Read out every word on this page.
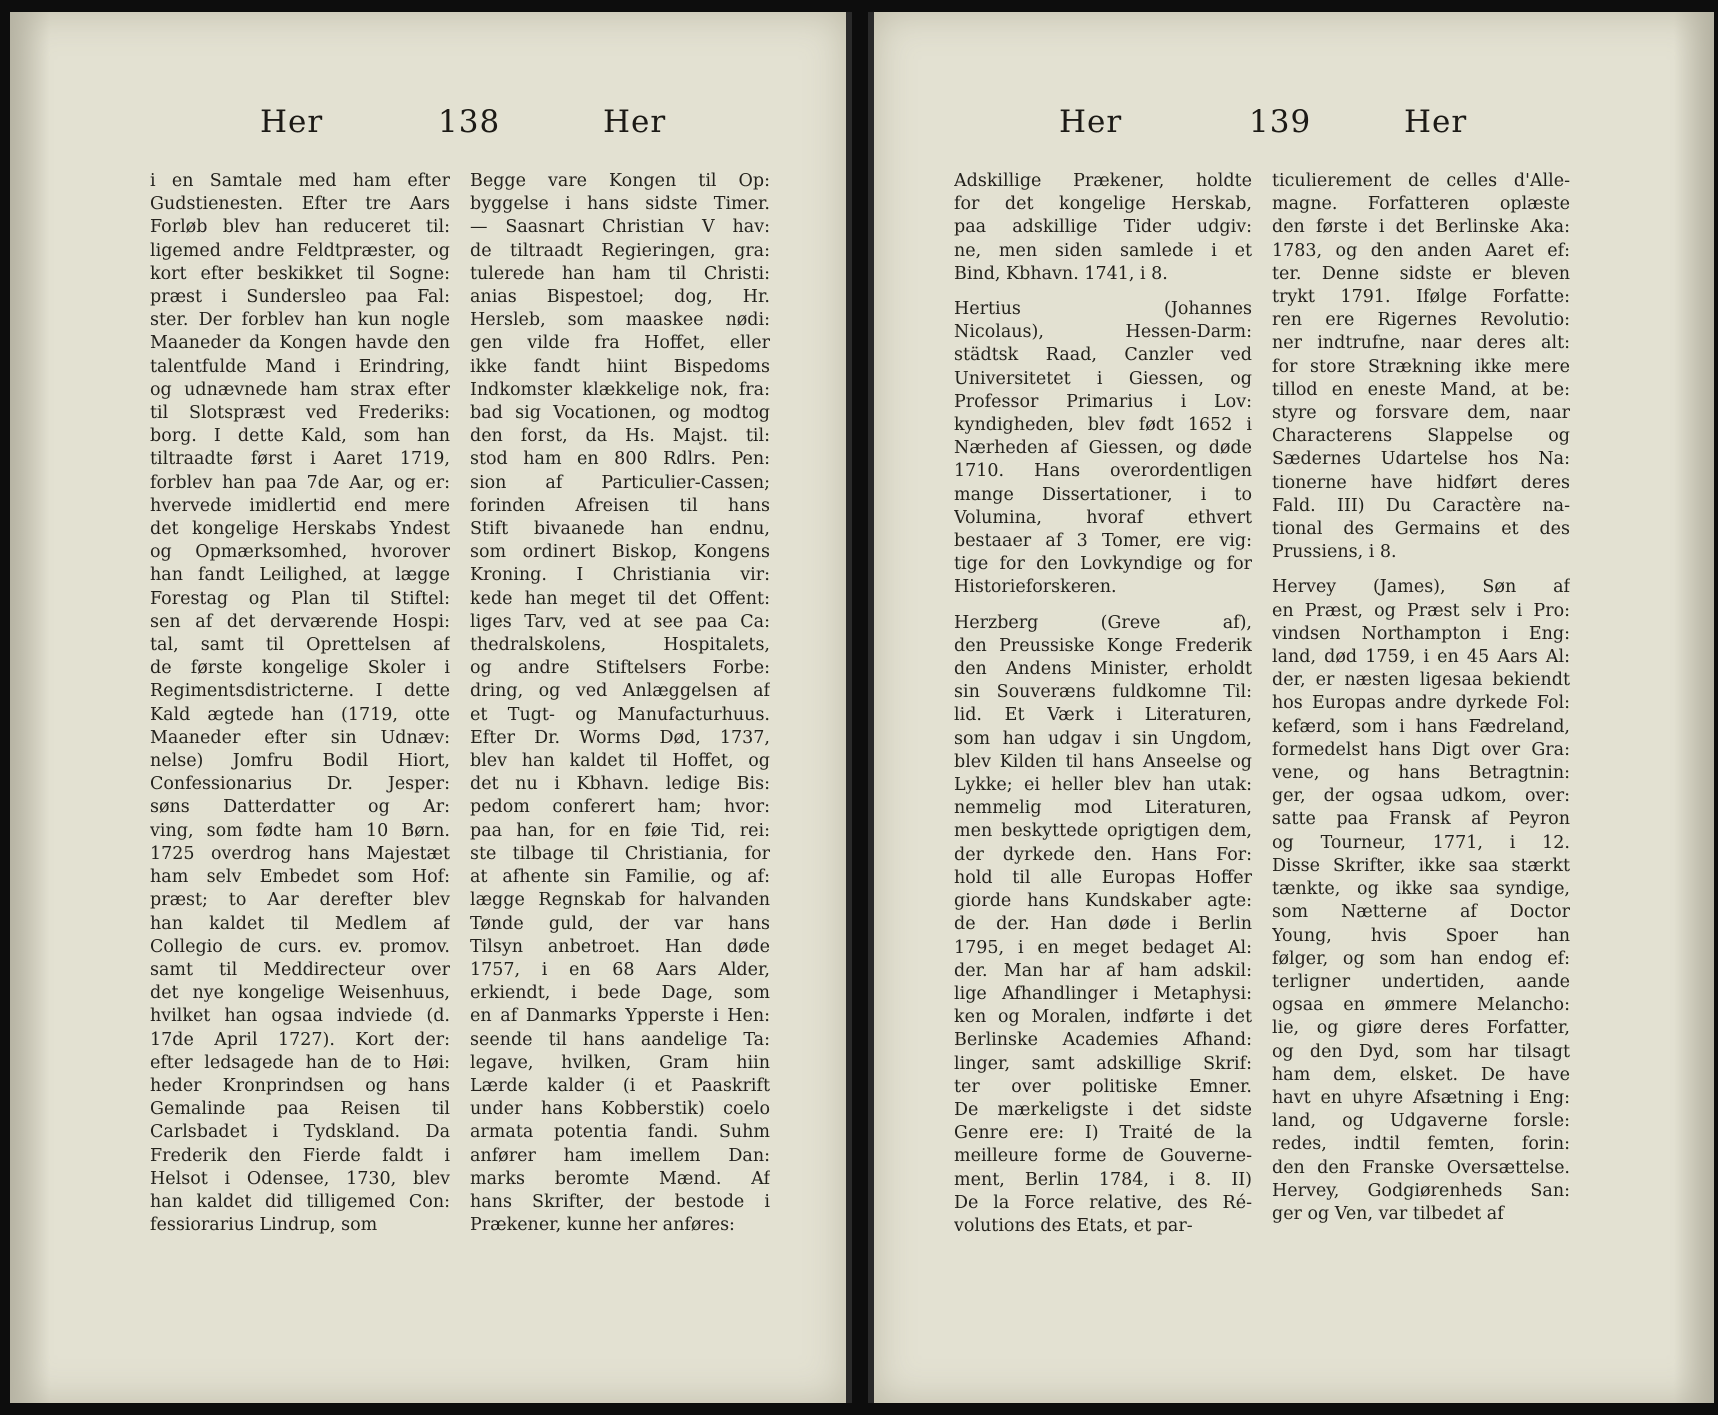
Her	138	Her
i en Samtale med ham efter
Gudstienesten. Efter tre Aars
Forløb blev han reduceret til:
ligemed andre Feldtpræster, og
kort efter beskikket til Sogne:
præst i Sundersleo paa Fal:
ster. Der forblev han kun nogle
Maaneder da Kongen havde den
talentfulde Mand i Erindring,
og udnævnede ham strax efter
til Slotspræst ved Frederiks:
borg. I dette Kald, som han
tiltraadte først i Aaret 1719,
forblev han paa 7de Aar, og er:
hvervede imidlertid end mere
det kongelige Herskabs Yndest
og Opmærksomhed, hvorover
han fandt Leilighed, at lægge
Forestag og Plan til Stiftel:
sen af det derværende Hospi:
tal, samt til Oprettelsen af
de første kongelige Skoler i
Regimentsdistricterne. I dette
Kald ægtede han (1719, otte
Maaneder efter sin Udnæv:
nelse) Jomfru Bodil Hiort,
Confessionarius Dr. Jesper:
søns Datterdatter og Ar:
ving, som fødte ham 10 Børn.
1725 overdrog hans Majestæt
ham selv Embedet som Hof:
præst; to Aar derefter blev
han kaldet til Medlem af
Collegio de curs. ev. promov.
samt til Meddirecteur over
det nye kongelige Weisenhuus,
hvilket han ogsaa indviede (d.
17de April 1727). Kort der:
efter ledsagede han de to Høi:
heder Kronprindsen og hans
Gemalinde paa Reisen til
Carlsbadet i Tydskland. Da
Frederik den Fierde faldt i
Helsot i Odensee, 1730, blev
han kaldet did tilligemed Con:
fessiorarius Lindrup, som
Begge vare Kongen til Op:
byggelse i hans sidste Timer.
— Saasnart Christian V hav:
de tiltraadt Regieringen, gra:
tulerede han ham til Christi:
anias Bispestoel; dog, Hr.
Hersleb, som maaskee nødi:
gen vilde fra Hoffet, eller
ikke fandt hiint Bispedoms
Indkomster klækkelige nok, fra:
bad sig Vocationen, og modtog
den forst, da Hs. Majst. til:
stod ham en 800 Rdlrs. Pen:
sion af Particulier-Cassen;
forinden Afreisen til hans
Stift bivaanede han endnu,
som ordinert Biskop, Kongens
Kroning. I Christiania vir:
kede han meget til det Offent:
liges Tarv, ved at see paa Ca:
thedralskolens, Hospitalets,
og andre Stiftelsers Forbe:
dring, og ved Anlæggelsen af
et Tugt- og Manufacturhuus.
Efter Dr. Worms Død, 1737,
blev han kaldet til Hoffet, og
det nu i Kbhavn. ledige Bis:
pedom conferert ham; hvor:
paa han, for en føie Tid, rei:
ste tilbage til Christiania, for
at afhente sin Familie, og af:
lægge Regnskab for halvanden
Tønde guld, der var hans
Tilsyn anbetroet. Han døde
1757, i en 68 Aars Alder,
erkiendt, i bede Dage, som
en af Danmarks Ypperste i Hen:
seende til hans aandelige Ta:
legave, hvilken, Gram hiin
Lærde kalder (i et Paaskrift
under hans Kobberstik) coelo
armata potentia fandi. Suhm
anfører ham imellem Dan:
marks beromte Mænd. Af
hans Skrifter, der bestode i
Prækener, kunne her anføres:
Her	139	Her
Adskillige Prækener, holdte
for det kongelige Herskab,
paa adskillige Tider udgiv:
ne, men siden samlede i et
Bind, Kbhavn. 1741, i 8.
Hertius (Johannes
Nicolaus), Hessen-Darm:
städtsk Raad, Canzler ved
Universitetet i Giessen, og
Professor Primarius i Lov:
kyndigheden, blev født 1652 i
Nærheden af Giessen, og døde
1710. Hans overordentligen
mange Dissertationer, i to
Volumina, hvoraf ethvert
bestaaer af 3 Tomer, ere vig:
tige for den Lovkyndige og for
Historieforskeren.
Herzberg (Greve af),
den Preussiske Konge Frederik
den Andens Minister, erholdt
sin Souveræns fuldkomne Til:
lid. Et Værk i Literaturen,
som han udgav i sin Ungdom,
blev Kilden til hans Anseelse og
Lykke; ei heller blev han utak:
nemmelig mod Literaturen,
men beskyttede oprigtigen dem,
der dyrkede den. Hans For:
hold til alle Europas Hoffer
giorde hans Kundskaber agte:
de der. Han døde i Berlin
1795, i en meget bedaget Al:
der. Man har af ham adskil:
lige Afhandlinger i Metaphysi:
ken og Moralen, indførte i det
Berlinske Academies Afhand:
linger, samt adskillige Skrif:
ter over politiske Emner.
De mærkeligste i det sidste
Genre ere: I) Traité de la
meilleure forme de Gouverne-
ment, Berlin 1784, i 8. II)
De la Force relative, des Ré-
volutions des Etats, et par-
ticulierement de celles d'Alle-
magne. Forfatteren oplæste
den første i det Berlinske Aka:
1783, og den anden Aaret ef:
ter. Denne sidste er bleven
trykt 1791. Ifølge Forfatte:
ren ere Rigernes Revolutio:
ner indtrufne, naar deres alt:
for store Strækning ikke mere
tillod en eneste Mand, at be:
styre og forsvare dem, naar
Characterens Slappelse og
Sædernes Udartelse hos Na:
tionerne have hidført deres
Fald. III) Du Caractère na-
tional des Germains et des
Prussiens, i 8.
Hervey (James), Søn af
en Præst, og Præst selv i Pro:
vindsen Northampton i Eng:
land, død 1759, i en 45 Aars Al:
der, er næsten ligesaa bekiendt
hos Europas andre dyrkede Fol:
kefærd, som i hans Fædreland,
formedelst hans Digt over Gra:
vene, og hans Betragtnin:
ger, der ogsaa udkom, over:
satte paa Fransk af Peyron
og Tourneur, 1771, i 12.
Disse Skrifter, ikke saa stærkt
tænkte, og ikke saa syndige,
som Nætterne af Doctor
Young, hvis Spoer han
følger, og som han endog ef:
terligner undertiden, aande
ogsaa en ømmere Melancho:
lie, og giøre deres Forfatter,
og den Dyd, som har tilsagt
ham dem, elsket. De have
havt en uhyre Afsætning i Eng:
land, og Udgaverne forsle:
redes, indtil femten, forin:
den den Franske Oversættelse.
Hervey, Godgiørenheds San:
ger og Ven, var tilbedet af
